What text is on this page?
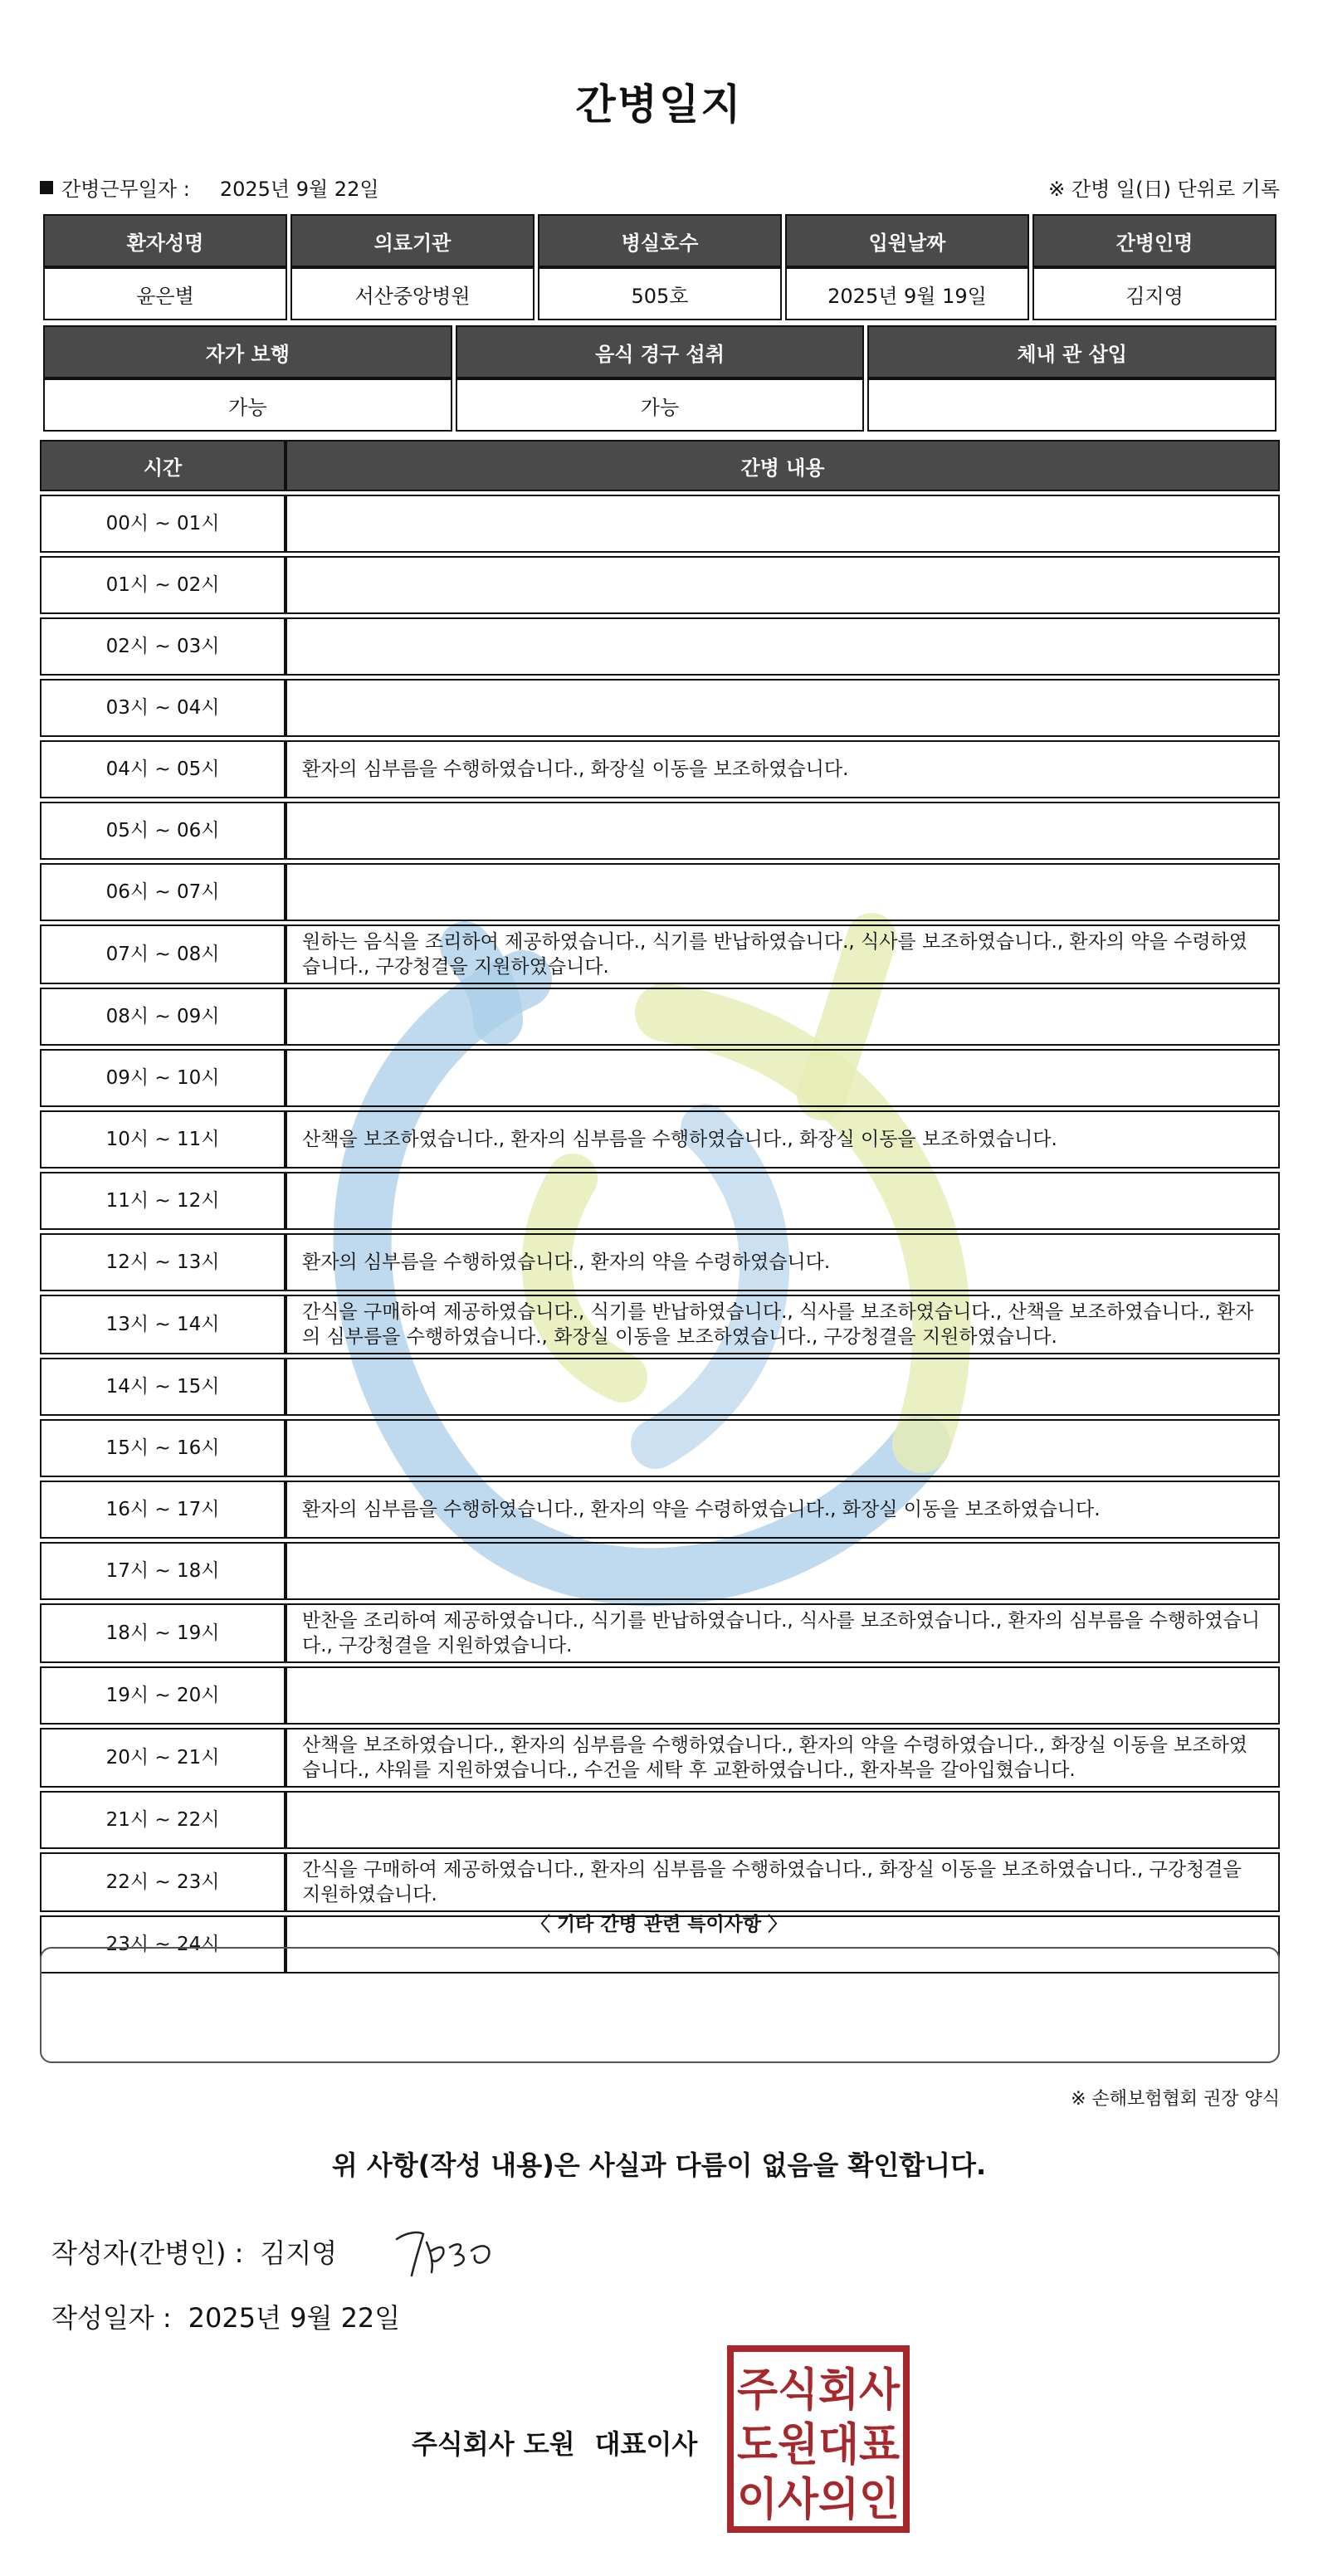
간병일지
간병근무일자 : 2025년 9월 22일	※ 간병 일(日) 단위로 기록
환자성명	의료기관	병실호수	입원날짜	간병인명
윤은별	서산중앙병원	505호	2025년 9월 19일	김지영
자가 보행	음식 경구 섭취	체내 관 삽입
가능	가능	
시간	간병 내용
00시 ~ 01시	
01시 ~ 02시	
02시 ~ 03시	
03시 ~ 04시	
04시 ~ 05시	환자의 심부름을 수행하였습니다., 화장실 이동을 보조하였습니다.
05시 ~ 06시	
06시 ~ 07시	
07시 ~ 08시	원하는 음식을 조리하여 제공하였습니다., 식기를 반납하였습니다., 식사를 보조하였습니다., 환자의 약을 수령하였습니다., 구강청결을 지원하였습니다.
08시 ~ 09시	
09시 ~ 10시	
10시 ~ 11시	산책을 보조하였습니다., 환자의 심부름을 수행하였습니다., 화장실 이동을 보조하였습니다.
11시 ~ 12시	
12시 ~ 13시	환자의 심부름을 수행하였습니다., 환자의 약을 수령하였습니다.
13시 ~ 14시	간식을 구매하여 제공하였습니다., 식기를 반납하였습니다., 식사를 보조하였습니다., 산책을 보조하였습니다., 환자의 심부름을 수행하였습니다., 화장실 이동을 보조하였습니다., 구강청결을 지원하였습니다.
14시 ~ 15시	
15시 ~ 16시	
16시 ~ 17시	환자의 심부름을 수행하였습니다., 환자의 약을 수령하였습니다., 화장실 이동을 보조하였습니다.
17시 ~ 18시	
18시 ~ 19시	반찬을 조리하여 제공하였습니다., 식기를 반납하였습니다., 식사를 보조하였습니다., 환자의 심부름을 수행하였습니다., 구강청결을 지원하였습니다.
19시 ~ 20시	
20시 ~ 21시	산책을 보조하였습니다., 환자의 심부름을 수행하였습니다., 환자의 약을 수령하였습니다., 화장실 이동을 보조하였습니다., 샤워를 지원하였습니다., 수건을 세탁 후 교환하였습니다., 환자복을 갈아입혔습니다.
21시 ~ 22시	
22시 ~ 23시	간식을 구매하여 제공하였습니다., 환자의 심부름을 수행하였습니다., 화장실 이동을 보조하였습니다., 구강청결을 지원하였습니다.
23시 ~ 24시	
〈 기타 간병 관련 특이사항 〉
※ 손해보험협회 권장 양식
위 사항(작성 내용)은 사실과 다름이 없음을 확인합니다.
작성자(간병인) : 김지영
작성일자 : 2025년 9월 22일
주식회사 도원 대표이사
주식회사
도원대표
이사의인
